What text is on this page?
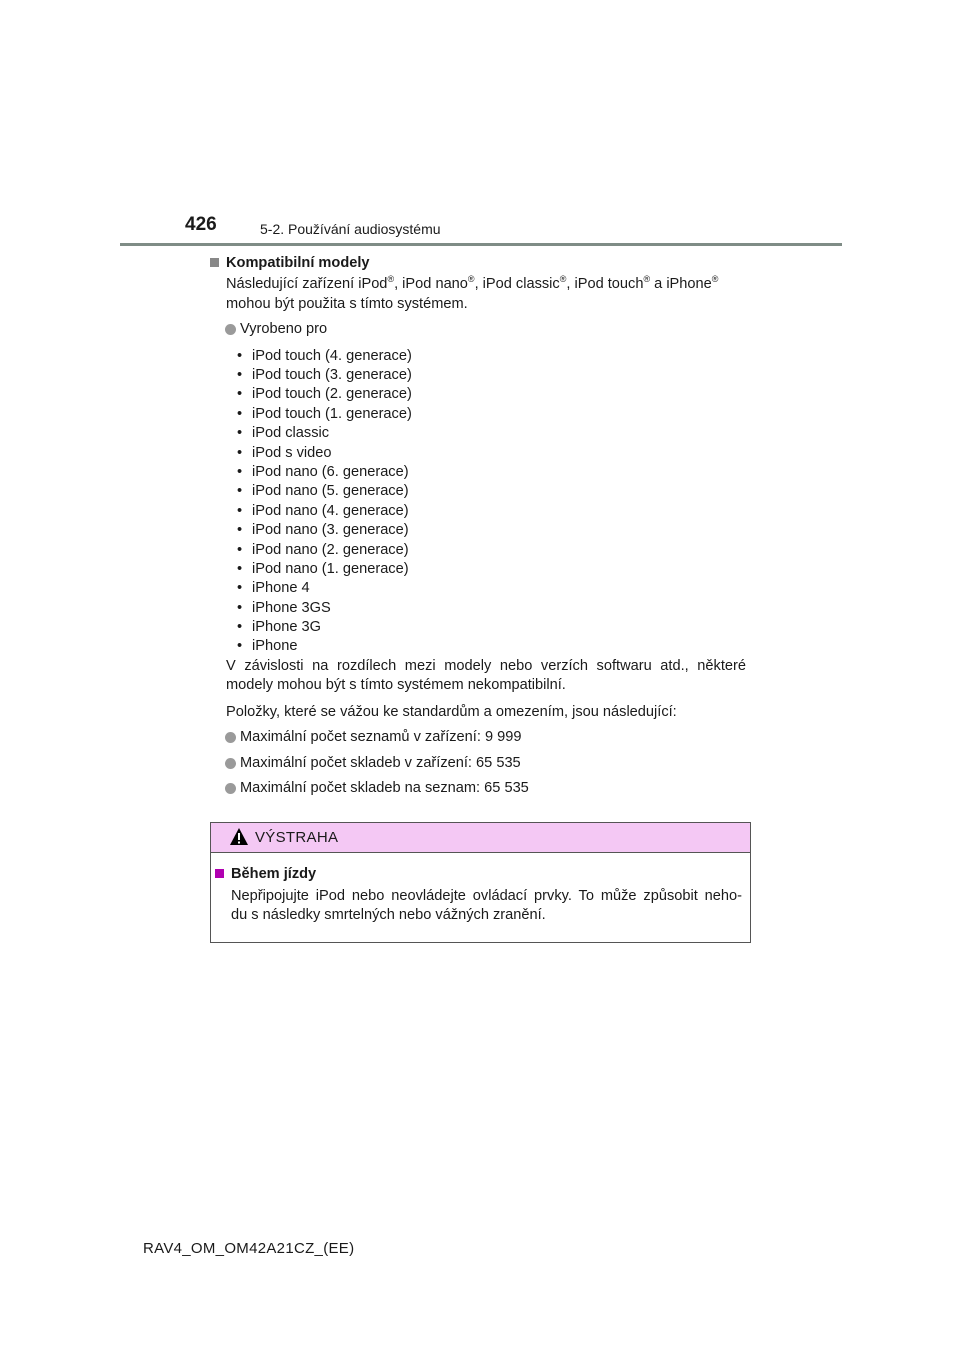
426	5-2. Používání audiosystému
Kompatibilní modely
Následující zařízení iPod®, iPod nano®, iPod classic®, iPod touch® a iPhone®
mohou být použita s tímto systémem.
Vyrobeno pro
• iPod touch (4. generace)
• iPod touch (3. generace)
• iPod touch (2. generace)
• iPod touch (1. generace)
• iPod classic
• iPod s video
• iPod nano (6. generace)
• iPod nano (5. generace)
• iPod nano (4. generace)
• iPod nano (3. generace)
• iPod nano (2. generace)
• iPod nano (1. generace)
• iPhone 4
• iPhone 3GS
• iPhone 3G
• iPhone
V závislosti na rozdílech mezi modely nebo verzích softwaru atd., některé
modely mohou být s tímto systémem nekompatibilní.
Položky, které se vážou ke standardům a omezením, jsou následující:
Maximální počet seznamů v zařízení: 9 999
Maximální počet skladeb v zařízení: 65 535
Maximální počet skladeb na seznam: 65 535
VÝSTRAHA
Během jízdy
Nepřipojujte iPod nebo neovládejte ovládací prvky. To může způsobit neho-
du s následky smrtelných nebo vážných zranění.
RAV4_OM_OM42A21CZ_(EE)
